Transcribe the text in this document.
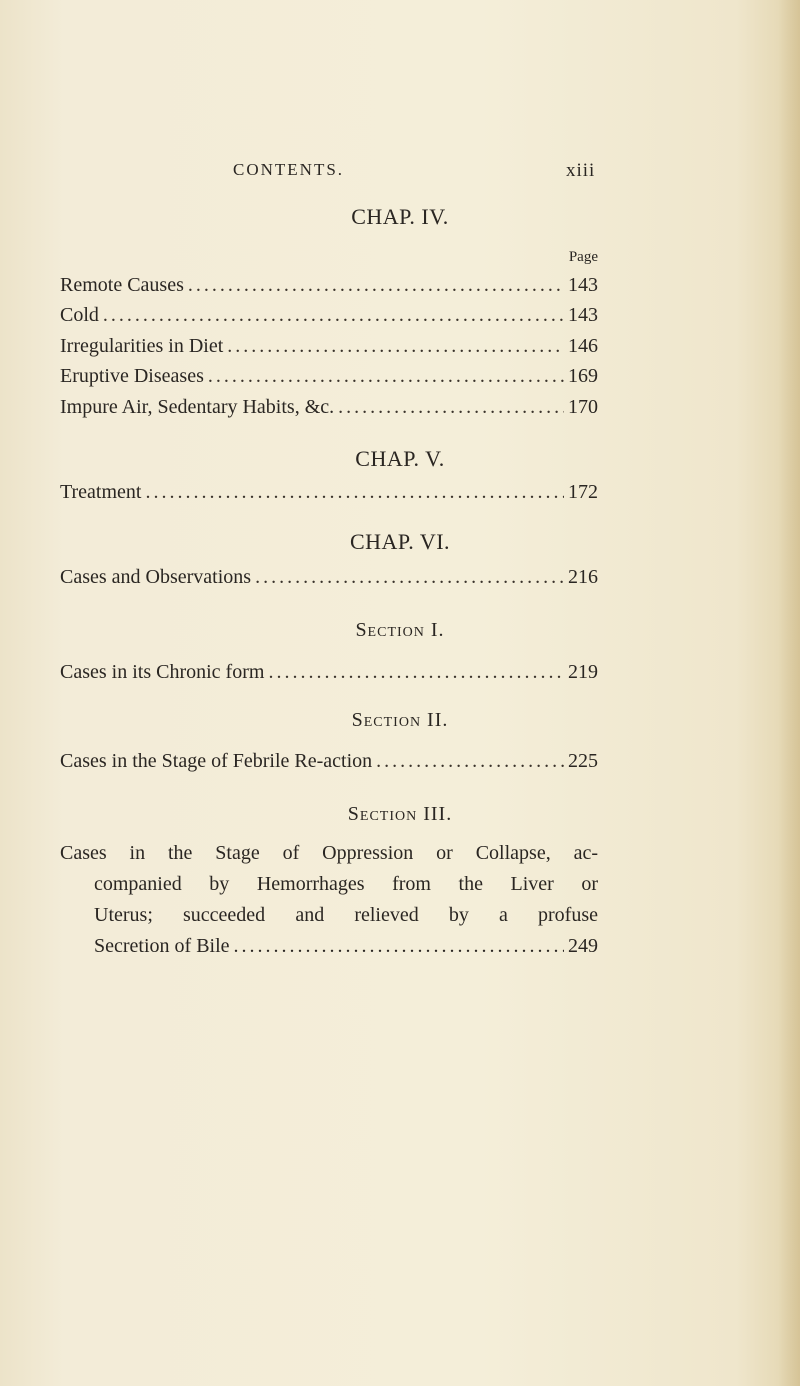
CONTENTS.	xiii
CHAP. IV.
Page
Remote Causes .....	143
Cold .....	143
Irregularities in Diet .....	146
Eruptive Diseases .....	169
Impure Air, Sedentary Habits, &c. .....	170
CHAP. V.
Treatment .....	172
CHAP. VI.
Cases and Observations .....	216
Section I.
Cases in its Chronic form .....	219
Section II.
Cases in the Stage of Febrile Re-action .....	225
Section III.
Cases in the Stage of Oppression or Collapse, ac-
companied by Hemorrhages from the Liver or
Uterus; succeeded and relieved by a profuse
Secretion of Bile .....	249
